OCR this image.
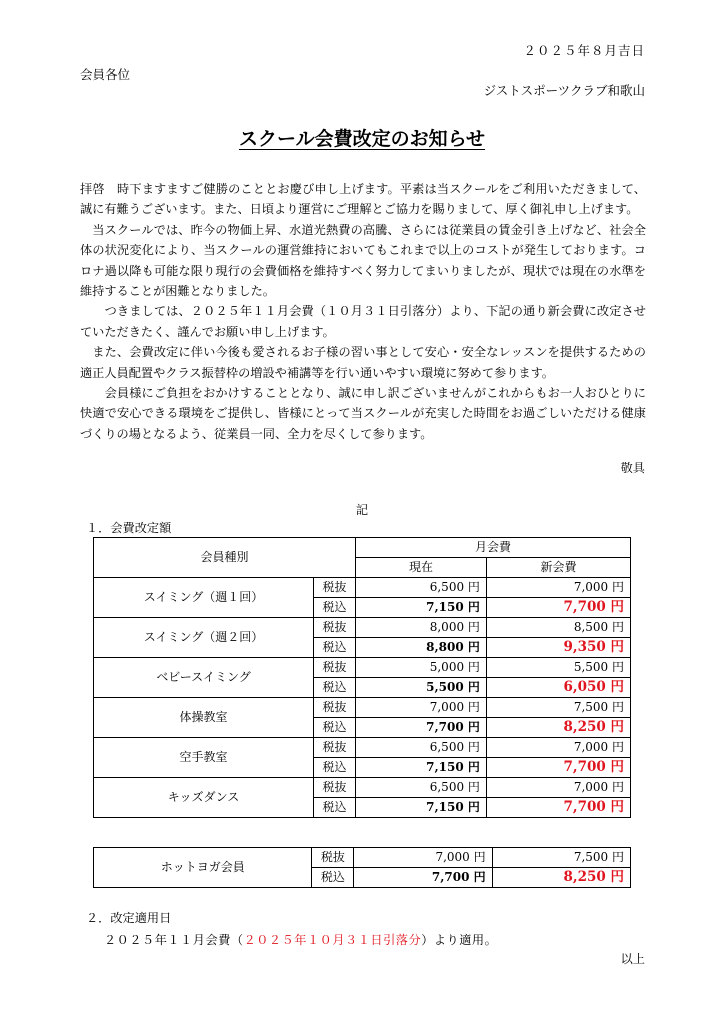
２０２５年８月吉日
会員各位
ジストスポーツクラブ和歌山
スクール会費改定のお知らせ

拝啓　時下ますますご健勝のこととお慶び申し上げます。平素は当スクールをご利用いただきまして、誠に有難うございます。また、日頃より運営にご理解とご協力を賜りまして、厚く御礼申し上げます。

　当スクールでは、昨今の物価上昇、水道光熱費の高騰、さらには従業員の賃金引き上げなど、社会全体の状況変化により、当スクールの運営維持においてもこれまで以上のコストが発生しております。コロナ過以降も可能な限り現行の会費価格を維持すべく努力してまいりましたが、現状では現在の水準を維持することが困難となりました。

　　つきましては、２０２５年１１月会費（１０月３１日引落分）より、下記の通り新会費に改定させていただきたく、謹んでお願い申し上げます。

　また、会費改定に伴い今後も愛されるお子様の習い事として安心・安全なレッスンを提供するための適正人員配置やクラス振替枠の増設や補講等を行い通いやすい環境に努めて参ります。

　　会員様にご負担をおかけすることとなり、誠に申し訳ございませんがこれからもお一人おひとりに快適で安心できる環境をご提供し、皆様にとって当スクールが充実した時間をお過ごしいただける健康づくりの場となるよう、従業員一同、全力を尽くして参ります。

敬具
記
１．会費改定額
会員種別		月会費	
		現在	新会費
スイミング（週１回）	税抜	6,500 円	7,000 円
	税込	7,150 円	7,700 円
スイミング（週２回）	税抜	8,000 円	8,500 円
	税込	8,800 円	9,350 円
ベビースイミング	税抜	5,000 円	5,500 円
	税込	5,500 円	6,050 円
体操教室	税抜	7,000 円	7,500 円
	税込	7,700 円	8,250 円
空手教室	税抜	6,500 円	7,000 円
	税込	7,150 円	7,700 円
キッズダンス	税抜	6,500 円	7,000 円
	税込	7,150 円	7,700 円
ホットヨガ会員	税抜	7,000 円	7,500 円
	税込	7,700 円	8,250 円
２．改定適用日
２０２５年１１月会費（２０２５年１０月３１日引落分）より適用。
以上
